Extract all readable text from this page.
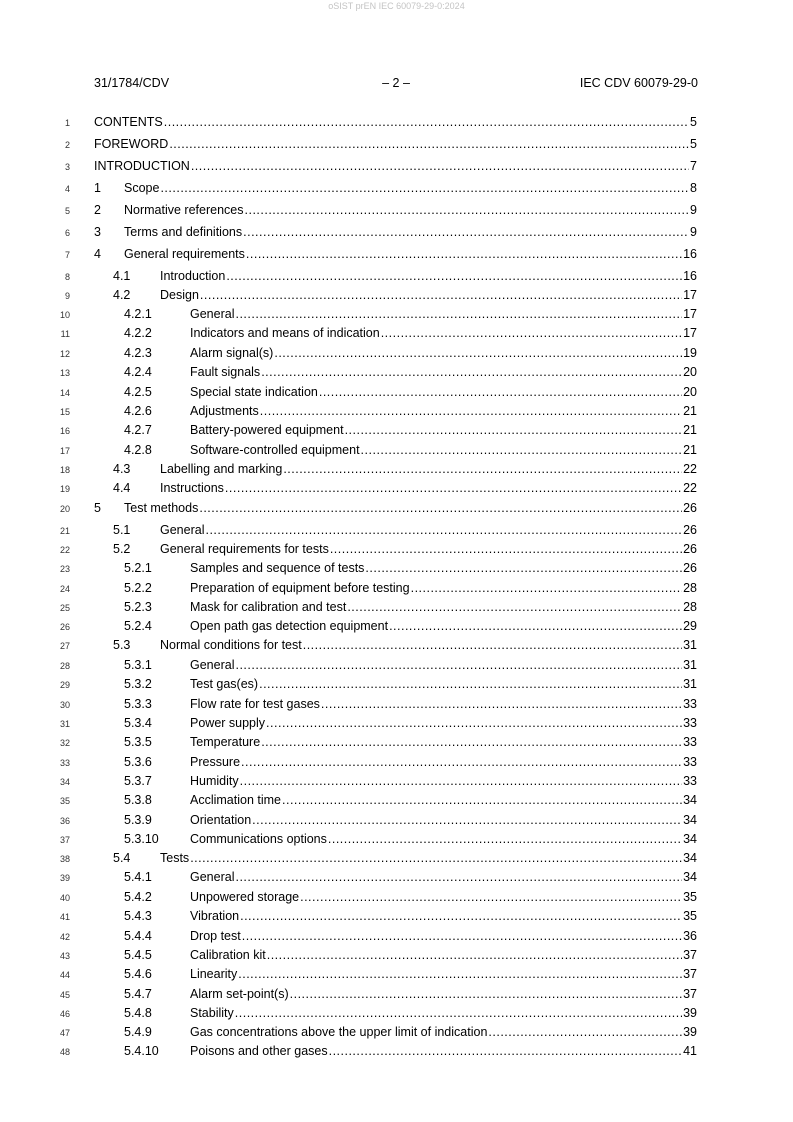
oSIST prEN IEC 60079-29-0:2024
31/1784/CDV	– 2 –	IEC CDV 60079-29-0
1 CONTENTS .....	5
2 FOREWORD .....	5
3 INTRODUCTION .....	7
4 1 Scope .....	8
5 2 Normative references .....	9
6 3 Terms and definitions .....	9
7 4 General requirements .....	16
8	4.1 Introduction .....	16
9	4.2 Design .....	17
10	4.2.1	General .....	17
11	4.2.2	Indicators and means of indication .....	17
12	4.2.3	Alarm signal(s) .....	19
13	4.2.4	Fault signals .....	20
14	4.2.5	Special state indication .....	20
15	4.2.6	Adjustments .....	21
16	4.2.7	Battery-powered equipment .....	21
17	4.2.8	Software-controlled equipment .....	21
18	4.3 Labelling and marking .....	22
19	4.4 Instructions .....	22
20 5 Test methods .....	26
21	5.1 General .....	26
22	5.2 General requirements for tests .....	26
23	5.2.1	Samples and sequence of tests .....	26
24	5.2.2	Preparation of equipment before testing .....	28
25	5.2.3	Mask for calibration and test .....	28
26	5.2.4	Open path gas detection equipment .....	29
27	5.3 Normal conditions for test .....	31
28	5.3.1	General .....	31
29	5.3.2	Test gas(es) .....	31
30	5.3.3	Flow rate for test gases .....	33
31	5.3.4	Power supply .....	33
32	5.3.5	Temperature .....	33
33	5.3.6	Pressure .....	33
34	5.3.7	Humidity .....	33
35	5.3.8	Acclimation time .....	34
36	5.3.9	Orientation .....	34
37	5.3.10 Communications options .....	34
38	5.4 Tests .....	34
39	5.4.1	General .....	34
40	5.4.2	Unpowered storage .....	35
41	5.4.3	Vibration .....	35
42	5.4.4	Drop test .....	36
43	5.4.5	Calibration kit .....	37
44	5.4.6	Linearity .....	37
45	5.4.7	Alarm set-point(s) .....	37
46	5.4.8	Stability .....	39
47	5.4.9	Gas concentrations above the upper limit of indication .....	39
48	5.4.10 Poisons and other gases .....	41
